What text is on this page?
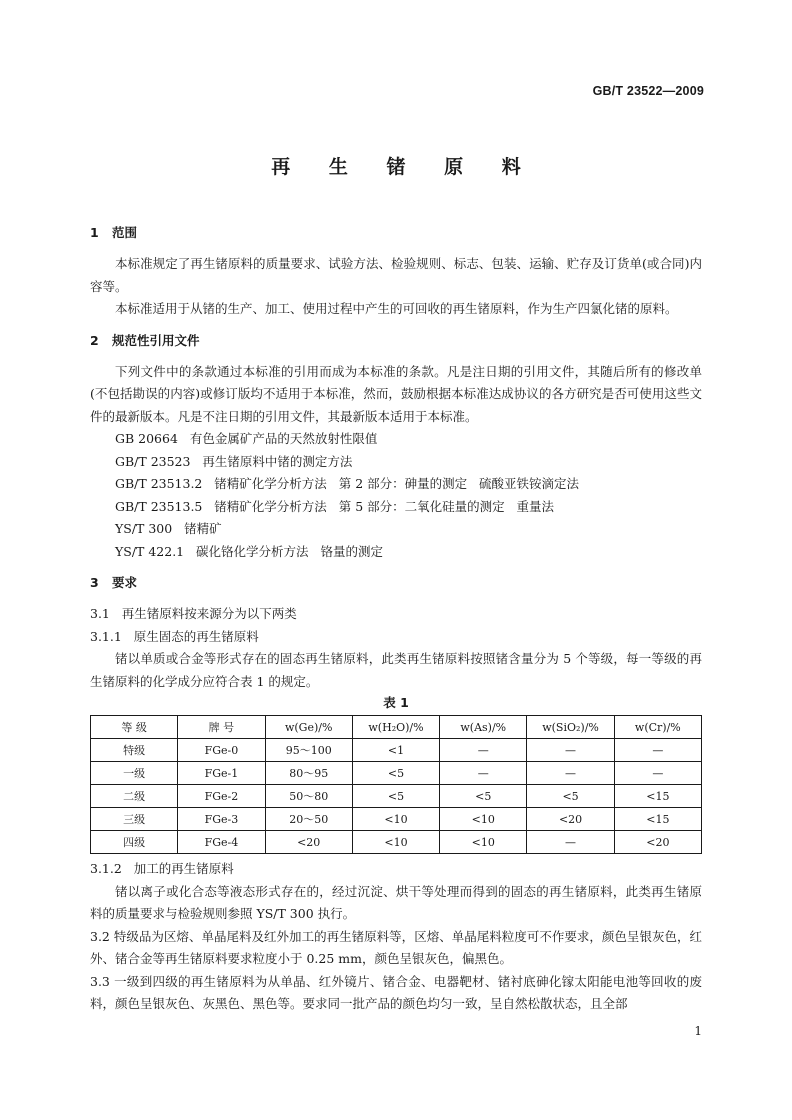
GB/T 23522—2009
再 生 锗 原 料

1 范围

本标准规定了再生锗原料的质量要求、试验方法、检验规则、标志、包装、运输、贮存及订货单(或合同)内容等。

本标准适用于从锗的生产、加工、使用过程中产生的可回收的再生锗原料，作为生产四氯化锗的原料。

2 规范性引用文件

下列文件中的条款通过本标准的引用而成为本标准的条款。凡是注日期的引用文件，其随后所有的修改单(不包括勘误的内容)或修订版均不适用于本标准，然而，鼓励根据本标准达成协议的各方研究是否可使用这些文件的最新版本。凡是不注日期的引用文件，其最新版本适用于本标准。

GB 20664   有色金属矿产品的天然放射性限值

GB/T 23523   再生锗原料中锗的测定方法

GB/T 23513.2   锗精矿化学分析方法   第 2 部分：砷量的测定   硫酸亚铁铵滴定法

GB/T 23513.5   锗精矿化学分析方法   第 5 部分：二氧化硅量的测定   重量法

YS/T 300   锗精矿

YS/T 422.1   碳化铬化学分析方法   铬量的测定

3 要求

3.1   再生锗原料按来源分为以下两类

3.1.1   原生固态的再生锗原料

锗以单质或合金等形式存在的固态再生锗原料，此类再生锗原料按照锗含量分为 5 个等级，每一等级的再生锗原料的化学成分应符合表 1 的规定。

表 1

等 级	牌 号	w(Ge)/%	w(H₂O)/%	w(As)/%	w(SiO₂)/%	w(Cr)/%
特级	FGe-0	95～100	<1	—	—	—
一级	FGe-1	80～95	<5	—	—	—
二级	FGe-2	50～80	<5	<5	<5	<15
三级	FGe-3	20～50	<10	<10	<20	<15
四级	FGe-4	<20	<10	<10	—	<20

3.1.2   加工的再生锗原料

锗以离子或化合态等液态形式存在的，经过沉淀、烘干等处理而得到的固态的再生锗原料，此类再生锗原料的质量要求与检验规则参照 YS/T 300 执行。

3.2 特级品为区熔、单晶尾料及红外加工的再生锗原料等，区熔、单晶尾料粒度可不作要求，颜色呈银灰色，红外、锗合金等再生锗原料要求粒度小于 0.25 mm，颜色呈银灰色，偏黑色。

3.3 一级到四级的再生锗原料为从单晶、红外镜片、锗合金、电器靶材、锗衬底砷化镓太阳能电池等回收的废料，颜色呈银灰色、灰黑色、黑色等。要求同一批产品的颜色均匀一致，呈自然松散状态，且全部

1
